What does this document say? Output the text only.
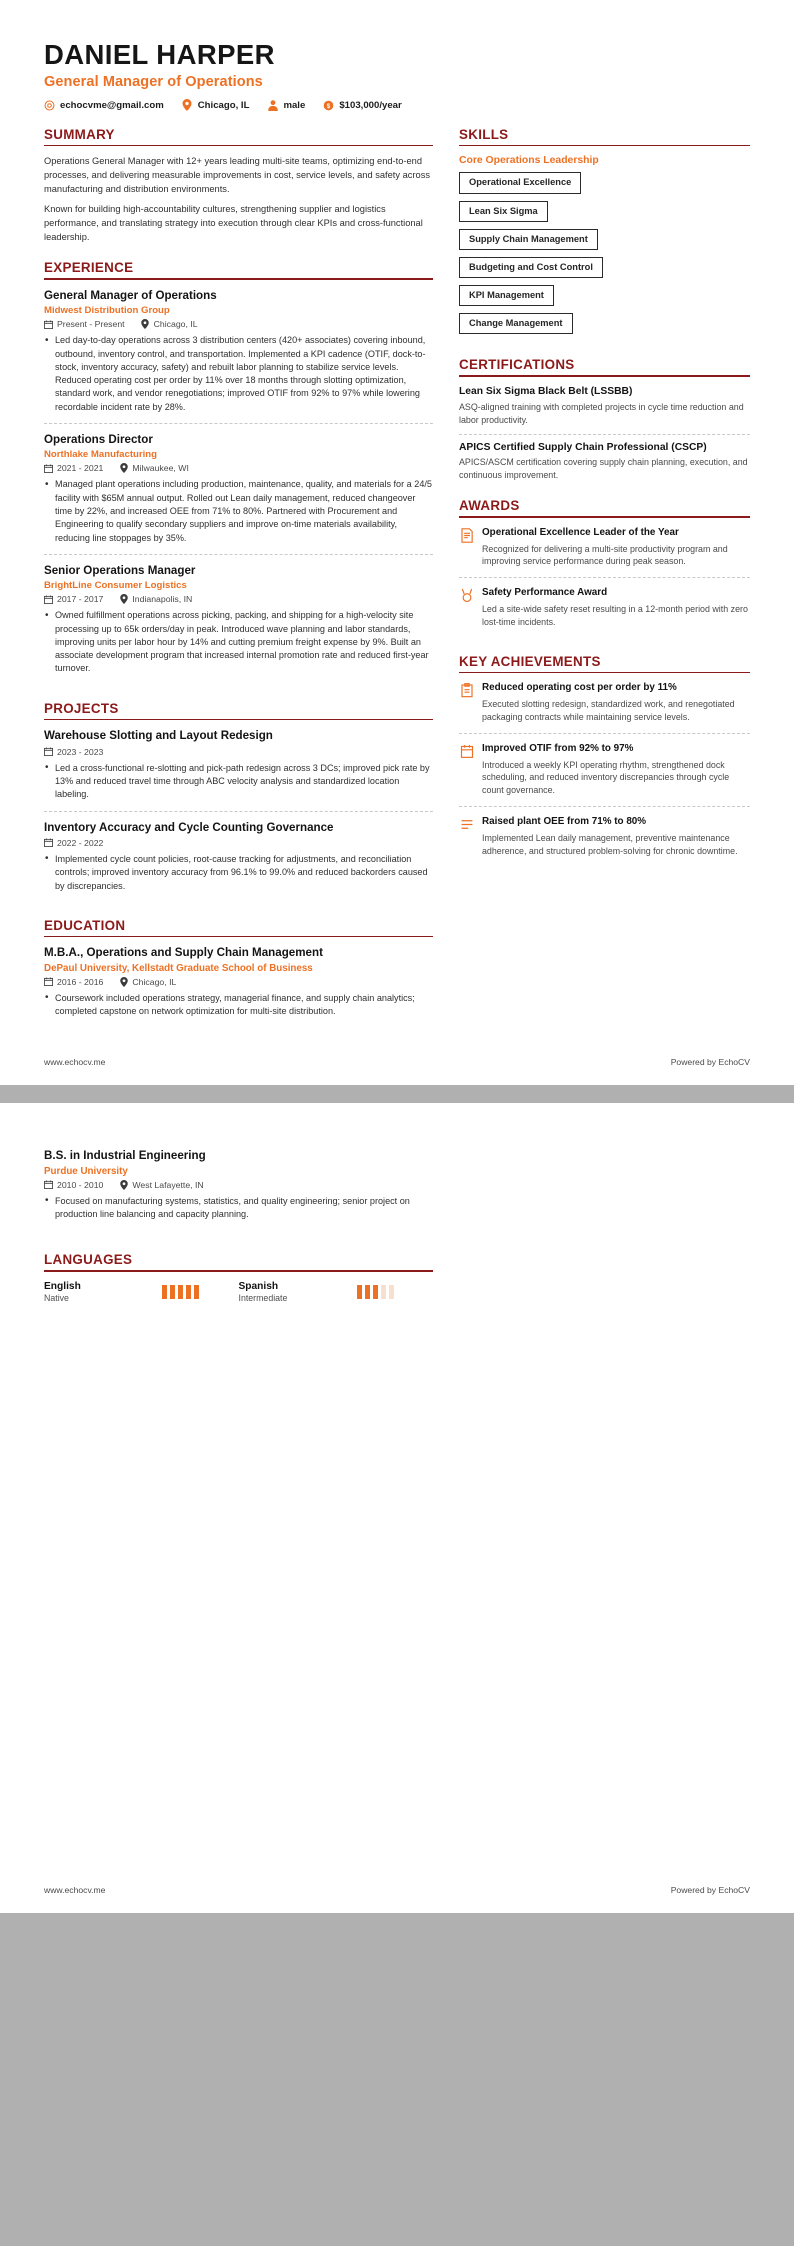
DANIEL HARPER
General Manager of Operations
echocvme@gmail.com	Chicago, IL	male $ $103,000/year
SUMMARY

Operations General Manager with 12+ years leading multi-site teams, optimizing end-to-end processes, and delivering measurable improvements in cost, service levels, and safety across manufacturing and distribution environments.

Known for building high-accountability cultures, strengthening supplier and logistics performance, and translating strategy into execution through clear KPIs and cross-functional leadership.

EXPERIENCE
General Manager of Operations
Midwest Distribution Group
Present - Present	Chicago, IL
• Led day-to-day operations across 3 distribution centers (420+ associates) covering inbound, outbound, inventory control, and transportation. Implemented a KPI cadence (OTIF, dock-to-stock, inventory accuracy, safety) and rebuilt labor planning to stabilize service levels. Reduced operating cost per order by 11% over 18 months through slotting optimization, standard work, and vendor renegotiations; improved OTIF from 92% to 97% while lowering recordable incident rate by 28%.
Operations Director
Northlake Manufacturing
2021 - 2021	Milwaukee, WI
• Managed plant operations including production, maintenance, quality, and materials for a 24/5 facility with $65M annual output. Rolled out Lean daily management, reduced changeover time by 22%, and increased OEE from 71% to 80%. Partnered with Procurement and Engineering to qualify secondary suppliers and improve on-time materials availability, reducing line stoppages by 35%.
Senior Operations Manager
BrightLine Consumer Logistics
2017 - 2017	Indianapolis, IN
• Owned fulfillment operations across picking, packing, and shipping for a high-velocity site processing up to 65k orders/day in peak. Introduced wave planning and labor standards, improving units per labor hour by 14% and cutting premium freight expense by 9%. Built an associate development program that increased internal promotion rate and reduced first-year turnover.
PROJECTS
Warehouse Slotting and Layout Redesign
2023 - 2023
• Led a cross-functional re-slotting and pick-path redesign across 3 DCs; improved pick rate by 13% and reduced travel time through ABC velocity analysis and standardized location labeling.
Inventory Accuracy and Cycle Counting Governance
2022 - 2022
• Implemented cycle count policies, root-cause tracking for adjustments, and reconciliation controls; improved inventory accuracy from 96.1% to 99.0% and reduced backorders caused by discrepancies.
EDUCATION
M.B.A., Operations and Supply Chain Management
DePaul University, Kellstadt Graduate School of Business
2016 - 2016	Chicago, IL
• Coursework included operations strategy, managerial finance, and supply chain analytics; completed capstone on network optimization for multi-site distribution.
SKILLS
Core Operations Leadership
Operational Excellence
Lean Six Sigma
Supply Chain Management
Budgeting and Cost Control
KPI Management
Change Management
CERTIFICATIONS
Lean Six Sigma Black Belt (LSSBB)
ASQ-aligned training with completed projects in cycle time reduction and labor productivity.
APICS Certified Supply Chain Professional (CSCP)
APICS/ASCM certification covering supply chain planning, execution, and continuous improvement.
AWARDS
Operational Excellence Leader of the Year
Recognized for delivering a multi-site productivity program and improving service performance during peak season.
Safety Performance Award
Led a site-wide safety reset resulting in a 12-month period with zero lost-time incidents.
KEY ACHIEVEMENTS
Reduced operating cost per order by 11%
Executed slotting redesign, standardized work, and renegotiated packaging contracts while maintaining service levels.
Improved OTIF from 92% to 97%
Introduced a weekly KPI operating rhythm, strengthened dock scheduling, and reduced inventory discrepancies through cycle count governance.
Raised plant OEE from 71% to 80%
Implemented Lean daily management, preventive maintenance adherence, and structured problem-solving for chronic downtime.
www.echocv.me	Powered by EchoCV
B.S. in Industrial Engineering
Purdue University
2010 - 2010	West Lafayette, IN
• Focused on manufacturing systems, statistics, and quality engineering; senior project on production line balancing and capacity planning.
LANGUAGES
English
Native
Spanish
Intermediate
www.echocv.me	Powered by EchoCV
